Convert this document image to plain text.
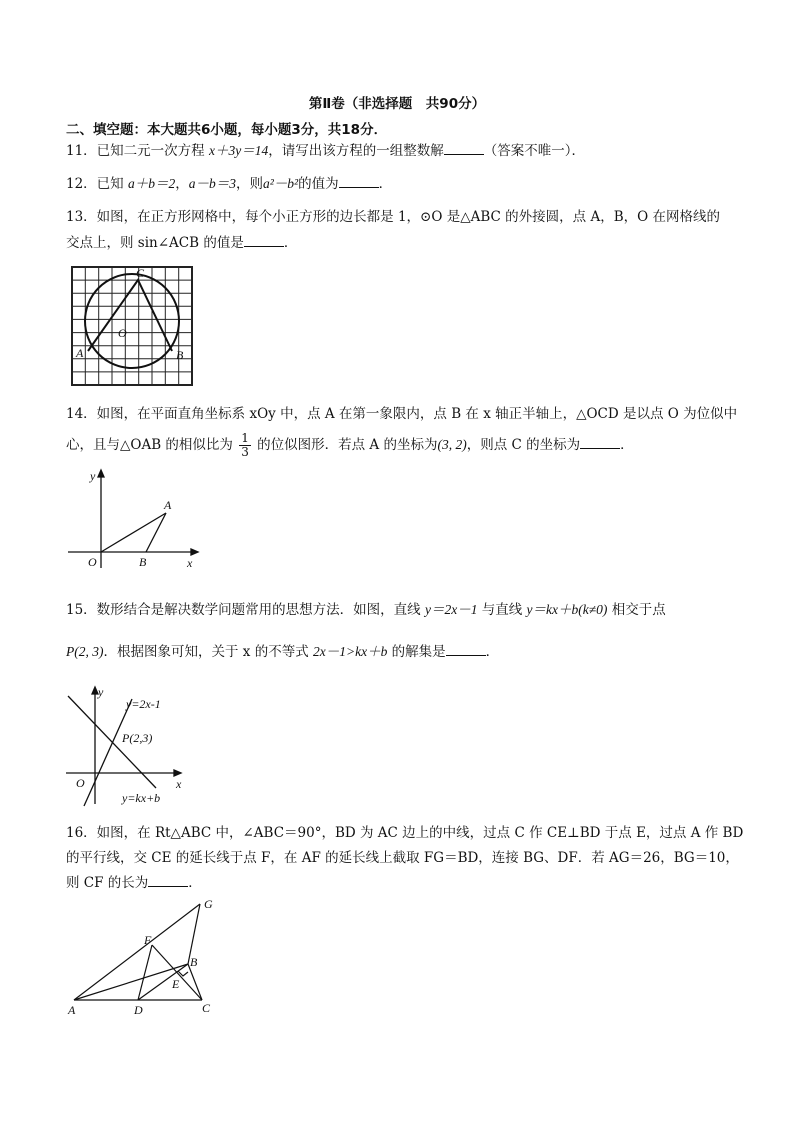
第Ⅱ卷（非选择题　共90分）
二、填空题：本大题共6小题，每小题3分，共18分．
11．已知二元一次方程 x＋3y＝14，请写出该方程的一组整数解	（答案不唯一）．
12．已知 a＋b＝2，a－b＝3，则a²－b²的值为	．
13．如图，在正方形网格中，每个小正方形的边长都是 1，⊙O 是△ABC 的外接圆，点 A，B，O 在网格线的
交点上，则 sin∠ACB 的值是	．
C
O
A	B
14．如图，在平面直角坐标系 xOy 中，点 A 在第一象限内，点 B 在 x 轴正半轴上，△OCD 是以点 O 为位似中
心，且与△OAB 的相似比为 $\frac{1}{3}$ 的位似图形．若点 A 的坐标为(3, 2)，则点 C 的坐标为	．
y
A
O	B	x
15．数形结合是解决数学问题常用的思想方法．如图，直线 y＝2x－1 与直线 y＝kx＋b(k≠0) 相交于点
P(2, 3)．根据图象可知，关于 x 的不等式 2x－1>kx＋b 的解集是	．
y
y=2x-1
P(2,3)
O	x
y=kx+b
16．如图，在 Rt△ABC 中，∠ABC＝90°，BD 为 AC 边上的中线，过点 C 作 CE⊥BD 于点 E，过点 A 作 BD
的平行线，交 CE 的延长线于点 F，在 AF 的延长线上截取 FG＝BD，连接 BG、DF．若 AG＝26，BG＝10，
则 CF 的长为	．
G
F
B
E
A	D	C
